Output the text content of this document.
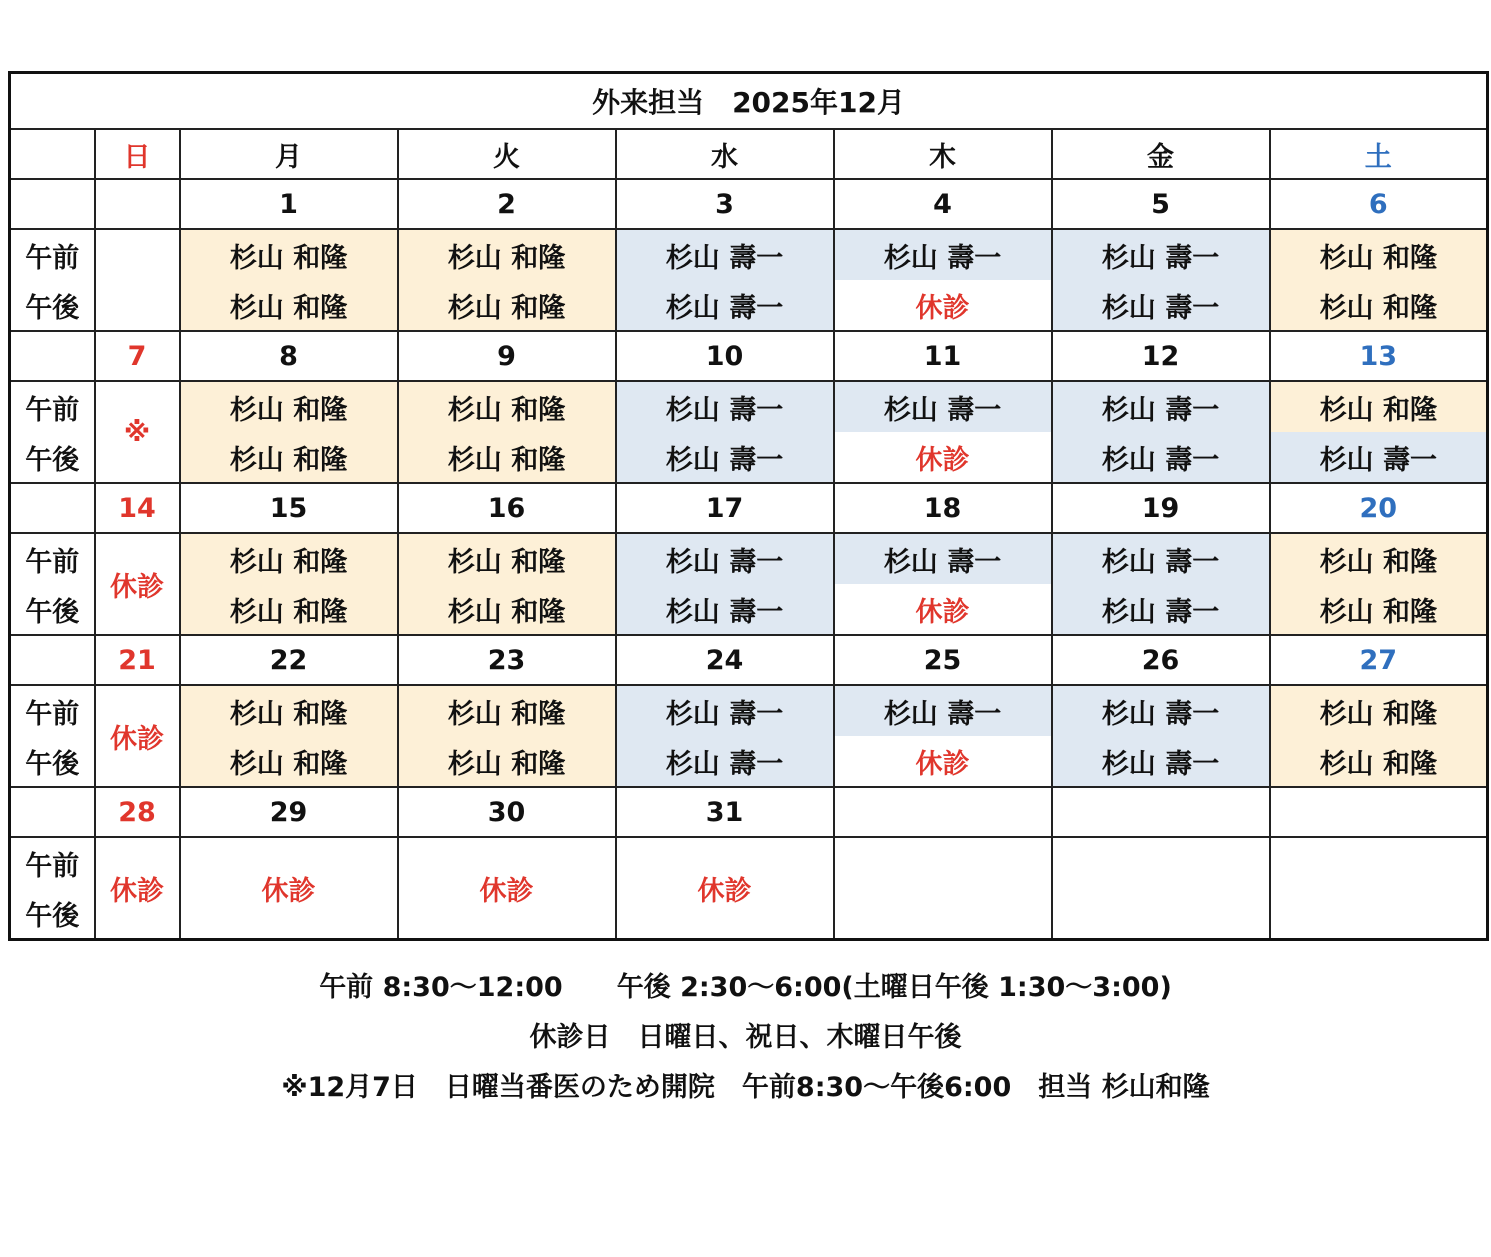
外来担当　2025年12月							
	日	月	火	水	木	金	土
		1	2	3	4	5	6
午前		杉山 和隆	杉山 和隆	杉山 壽一	杉山 壽一	杉山 壽一	杉山 和隆
午後		杉山 和隆	杉山 和隆	杉山 壽一	休診	杉山 壽一	杉山 和隆
	7	8	9	10	11	12	13
午前	※	杉山 和隆	杉山 和隆	杉山 壽一	杉山 壽一	杉山 壽一	杉山 和隆
午後		杉山 和隆	杉山 和隆	杉山 壽一	休診	杉山 壽一	杉山 壽一
	14	15	16	17	18	19	20
午前	休診	杉山 和隆	杉山 和隆	杉山 壽一	杉山 壽一	杉山 壽一	杉山 和隆
午後		杉山 和隆	杉山 和隆	杉山 壽一	休診	杉山 壽一	杉山 和隆
	21	22	23	24	25	26	27
午前	休診	杉山 和隆	杉山 和隆	杉山 壽一	杉山 壽一	杉山 壽一	杉山 和隆
午後		杉山 和隆	杉山 和隆	杉山 壽一	休診	杉山 壽一	杉山 和隆
	28	29	30	31			
午前	休診	休診	休診	休診			
午後							
午前 8:30〜12:00　　午後 2:30〜6:00(土曜日午後 1:30〜3:00)
休診日　日曜日、祝日、木曜日午後
※12月7日　日曜当番医のため開院　午前8:30〜午後6:00　担当 杉山和隆
